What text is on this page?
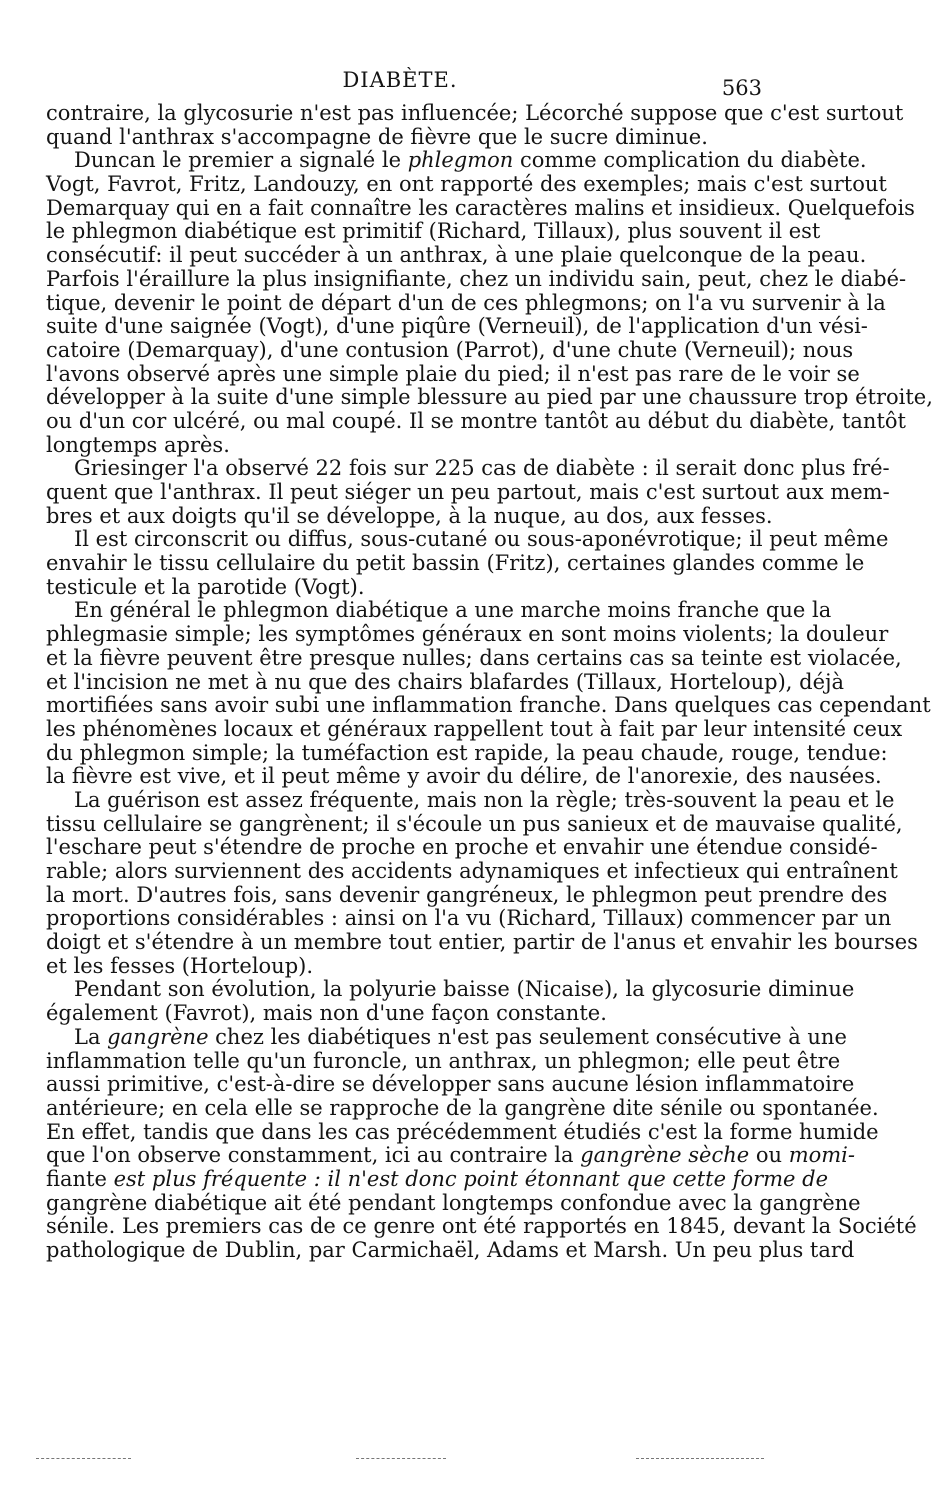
DIABÈTE.	563
contraire, la glycosurie n'est pas influencée; Lécorché suppose que c'est surtout
quand l'anthrax s'accompagne de fièvre que le sucre diminue.
Duncan le premier a signalé le phlegmon comme complication du diabète.
Vogt, Favrot, Fritz, Landouzy, en ont rapporté des exemples; mais c'est surtout
Demarquay qui en a fait connaître les caractères malins et insidieux. Quelquefois
le phlegmon diabétique est primitif (Richard, Tillaux), plus souvent il est
consécutif: il peut succéder à un anthrax, à une plaie quelconque de la peau.
Parfois l'éraillure la plus insignifiante, chez un individu sain, peut, chez le diabé-
tique, devenir le point de départ d'un de ces phlegmons; on l'a vu survenir à la
suite d'une saignée (Vogt), d'une piqûre (Verneuil), de l'application d'un vési-
catoire (Demarquay), d'une contusion (Parrot), d'une chute (Verneuil); nous
l'avons observé après une simple plaie du pied; il n'est pas rare de le voir se
développer à la suite d'une simple blessure au pied par une chaussure trop étroite,
ou d'un cor ulcéré, ou mal coupé. Il se montre tantôt au début du diabète, tantôt
longtemps après.
Griesinger l'a observé 22 fois sur 225 cas de diabète : il serait donc plus fré-
quent que l'anthrax. Il peut siéger un peu partout, mais c'est surtout aux mem-
bres et aux doigts qu'il se développe, à la nuque, au dos, aux fesses.
Il est circonscrit ou diffus, sous-cutané ou sous-aponévrotique; il peut même
envahir le tissu cellulaire du petit bassin (Fritz), certaines glandes comme le
testicule et la parotide (Vogt).
En général le phlegmon diabétique a une marche moins franche que la
phlegmasie simple; les symptômes généraux en sont moins violents; la douleur
et la fièvre peuvent être presque nulles; dans certains cas sa teinte est violacée,
et l'incision ne met à nu que des chairs blafardes (Tillaux, Horteloup), déjà
mortifiées sans avoir subi une inflammation franche. Dans quelques cas cependant
les phénomènes locaux et généraux rappellent tout à fait par leur intensité ceux
du phlegmon simple; la tuméfaction est rapide, la peau chaude, rouge, tendue:
la fièvre est vive, et il peut même y avoir du délire, de l'anorexie, des nausées.
La guérison est assez fréquente, mais non la règle; très-souvent la peau et le
tissu cellulaire se gangrènent; il s'écoule un pus sanieux et de mauvaise qualité,
l'eschare peut s'étendre de proche en proche et envahir une étendue considé-
rable; alors surviennent des accidents adynamiques et infectieux qui entraînent
la mort. D'autres fois, sans devenir gangréneux, le phlegmon peut prendre des
proportions considérables : ainsi on l'a vu (Richard, Tillaux) commencer par un
doigt et s'étendre à un membre tout entier, partir de l'anus et envahir les bourses
et les fesses (Horteloup).
Pendant son évolution, la polyurie baisse (Nicaise), la glycosurie diminue
également (Favrot), mais non d'une façon constante.
La gangrène chez les diabétiques n'est pas seulement consécutive à une
inflammation telle qu'un furoncle, un anthrax, un phlegmon; elle peut être
aussi primitive, c'est-à-dire se développer sans aucune lésion inflammatoire
antérieure; en cela elle se rapproche de la gangrène dite sénile ou spontanée.
En effet, tandis que dans les cas précédemment étudiés c'est la forme humide
que l'on observe constamment, ici au contraire la gangrène sèche ou momi-
fiante est plus fréquente : il n'est donc point étonnant que cette forme de
gangrène diabétique ait été pendant longtemps confondue avec la gangrène
sénile. Les premiers cas de ce genre ont été rapportés en 1845, devant la Société
pathologique de Dublin, par Carmichaël, Adams et Marsh. Un peu plus tard
